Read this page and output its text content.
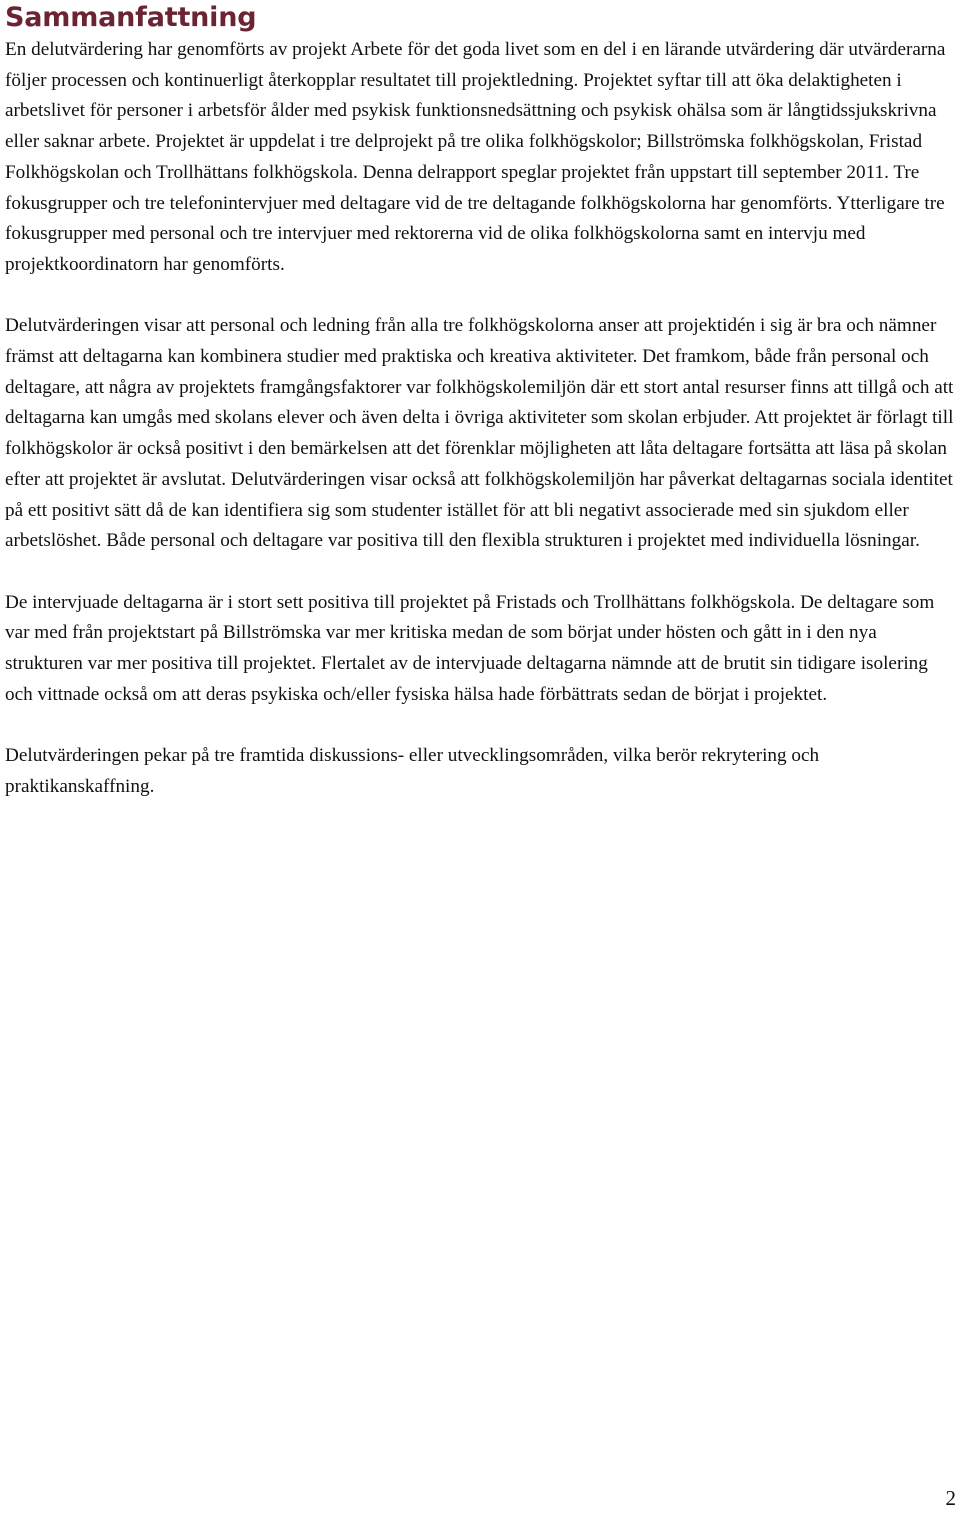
Sammanfattning

En delutvärdering har genomförts av projekt Arbete för det goda livet som en del i en lärande utvärdering där utvärderarna följer processen och kontinuerligt återkopplar resultatet till projektledning. Projektet syftar till att öka delaktigheten i arbetslivet för personer i arbetsför ålder med psykisk funktionsnedsättning och psykisk ohälsa som är långtidssjukskrivna eller saknar arbete. Projektet är uppdelat i tre delprojekt på tre olika folkhögskolor; Billströmska folkhögskolan, Fristad Folkhögskolan och Trollhättans folkhögskola. Denna delrapport speglar projektet från uppstart till september 2011. Tre fokusgrupper och tre telefonintervjuer med deltagare vid de tre deltagande folkhögskolorna har genomförts. Ytterligare tre fokusgrupper med personal och tre intervjuer med rektorerna vid de olika folkhögskolorna samt en intervju med projektkoordinatorn har genomförts.

Delutvärderingen visar att personal och ledning från alla tre folkhögskolorna anser att projektidén i sig är bra och nämner främst att deltagarna kan kombinera studier med praktiska och kreativa aktiviteter. Det framkom, både från personal och deltagare, att några av projektets framgångsfaktorer var folkhögskolemiljön där ett stort antal resurser finns att tillgå och att deltagarna kan umgås med skolans elever och även delta i övriga aktiviteter som skolan erbjuder. Att projektet är förlagt till folkhögskolor är också positivt i den bemärkelsen att det förenklar möjligheten att låta deltagare fortsätta att läsa på skolan efter att projektet är avslutat. Delutvärderingen visar också att folkhögskolemiljön har påverkat deltagarnas sociala identitet på ett positivt sätt då de kan identifiera sig som studenter istället för att bli negativt associerade med sin sjukdom eller arbetslöshet. Både personal och deltagare var positiva till den flexibla strukturen i projektet med individuella lösningar.

De intervjuade deltagarna är i stort sett positiva till projektet på Fristads och Trollhättans folkhögskola. De deltagare som var med från projektstart på Billströmska var mer kritiska medan de som börjat under hösten och gått in i den nya strukturen var mer positiva till projektet. Flertalet av de intervjuade deltagarna nämnde att de brutit sin tidigare isolering och vittnade också om att deras psykiska och/eller fysiska hälsa hade förbättrats sedan de börjat i projektet.

Delutvärderingen pekar på tre framtida diskussions- eller utvecklingsområden, vilka berör rekrytering och praktikanskaffning.

2
